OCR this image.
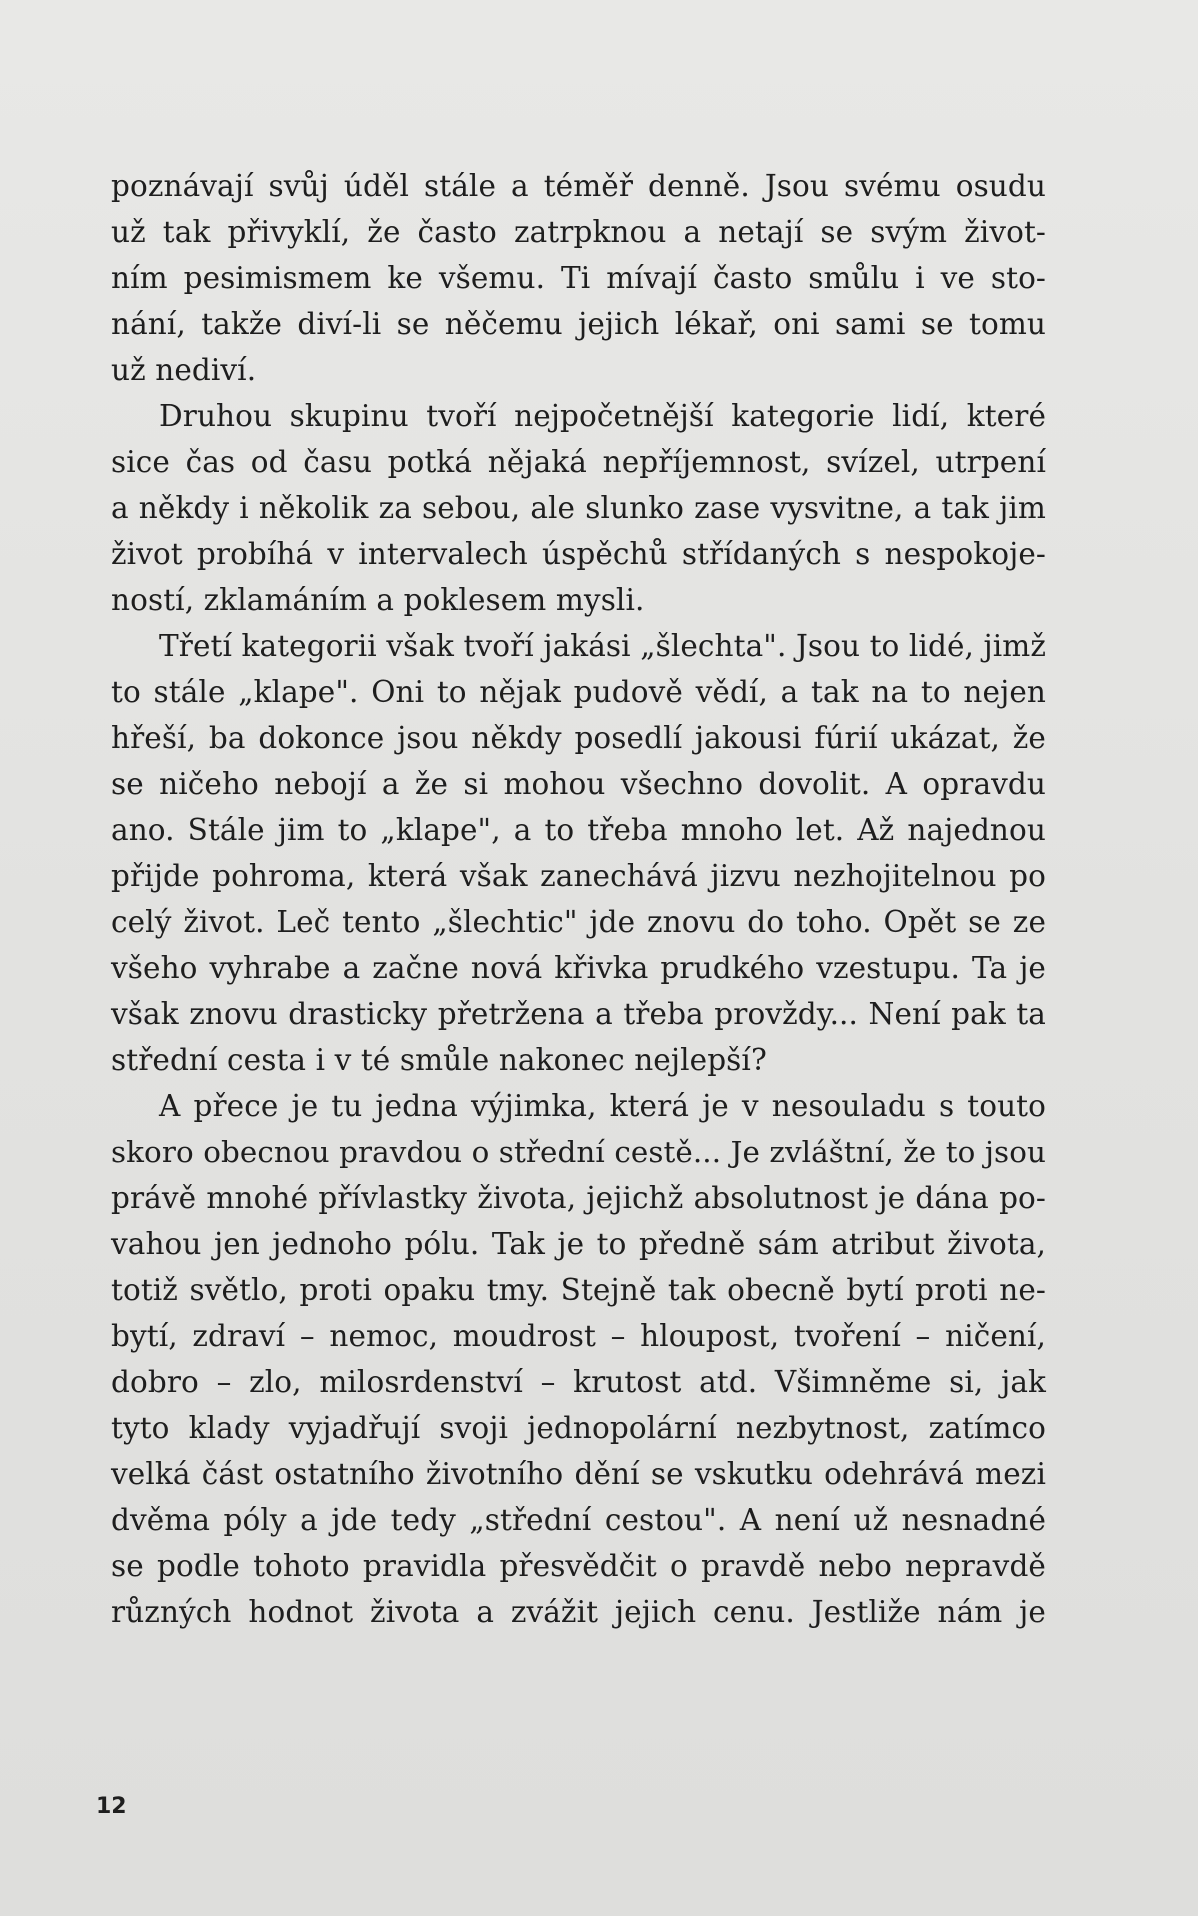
poznávají svůj úděl stále a téměř denně. Jsou svému osudu
už tak přivyklí, že často zatrpknou a netají se svým život-
ním pesimismem ke všemu. Ti mívají často smůlu i ve sto-
nání, takže diví-li se něčemu jejich lékař, oni sami se tomu
už nediví.
Druhou skupinu tvoří nejpočetnější kategorie lidí, které
sice čas od času potká nějaká nepříjemnost, svízel, utrpení
a někdy i několik za sebou, ale slunko zase vysvitne, a tak jim
život probíhá v intervalech úspěchů střídaných s nespokoje-
ností, zklamáním a poklesem mysli.
Třetí kategorii však tvoří jakási „šlechta". Jsou to lidé, jimž
to stále „klape". Oni to nějak pudově vědí, a tak na to nejen
hřeší, ba dokonce jsou někdy posedlí jakousi fúrií ukázat, že
se ničeho nebojí a že si mohou všechno dovolit. A opravdu
ano. Stále jim to „klape", a to třeba mnoho let. Až najednou
přijde pohroma, která však zanechává jizvu nezhojitelnou po
celý život. Leč tento „šlechtic" jde znovu do toho. Opět se ze
všeho vyhrabe a začne nová křivka prudkého vzestupu. Ta je
však znovu drasticky přetržena a třeba provždy... Není pak ta
střední cesta i v té smůle nakonec nejlepší?
A přece je tu jedna výjimka, která je v nesouladu s touto
skoro obecnou pravdou o střední cestě... Je zvláštní, že to jsou
právě mnohé přívlastky života, jejichž absolutnost je dána po-
vahou jen jednoho pólu. Tak je to předně sám atribut života,
totiž světlo, proti opaku tmy. Stejně tak obecně bytí proti ne-
bytí, zdraví – nemoc, moudrost – hloupost, tvoření – ničení,
dobro – zlo, milosrdenství – krutost atd. Všimněme si, jak
tyto klady vyjadřují svoji jednopolární nezbytnost, zatímco
velká část ostatního životního dění se vskutku odehrává mezi
dvěma póly a jde tedy „střední cestou". A není už nesnadné
se podle tohoto pravidla přesvědčit o pravdě nebo nepravdě
různých hodnot života a zvážit jejich cenu. Jestliže nám je
12
